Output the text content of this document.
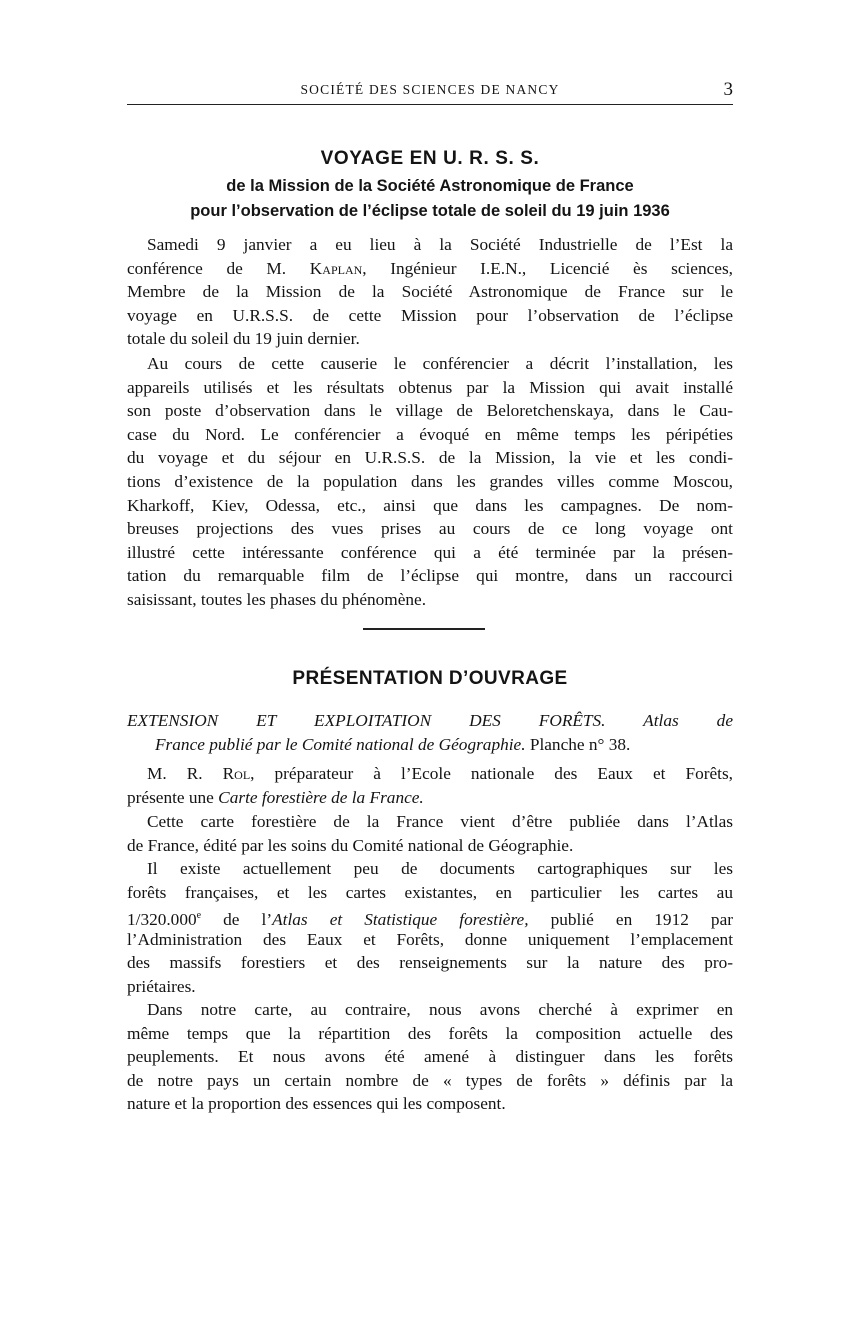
SOCIÉTÉ DES SCIENCES DE NANCY	3
VOYAGE EN U. R. S. S.
de la Mission de la Société Astronomique de France
pour l’observation de l’éclipse totale de soleil du 19 juin 1936
Samedi 9 janvier a eu lieu à la Société Industrielle de l’Est la
conférence de M. Kaplan, Ingénieur I.E.N., Licencié ès sciences,
Membre de la Mission de la Société Astronomique de France sur le
voyage en U.R.S.S. de cette Mission pour l’observation de l’éclipse
totale du soleil du 19 juin dernier.
Au cours de cette causerie le conférencier a décrit l’installation, les
appareils utilisés et les résultats obtenus par la Mission qui avait installé
son poste d’observation dans le village de Beloretchenskaya, dans le Cau-
case du Nord. Le conférencier a évoqué en même temps les péripéties
du voyage et du séjour en U.R.S.S. de la Mission, la vie et les condi-
tions d’existence de la population dans les grandes villes comme Moscou,
Kharkoff, Kiev, Odessa, etc., ainsi que dans les campagnes. De nom-
breuses projections des vues prises au cours de ce long voyage ont
illustré cette intéressante conférence qui a été terminée par la présen-
tation du remarquable film de l’éclipse qui montre, dans un raccourci
saisissant, toutes les phases du phénomène.
PRÉSENTATION D’OUVRAGE
EXTENSION ET EXPLOITATION DES FORÊTS. Atlas de
France publié par le Comité national de Géographie. Planche n° 38.
M. R. Rol, préparateur à l’Ecole nationale des Eaux et Forêts,
présente une Carte forestière de la France.
Cette carte forestière de la France vient d’être publiée dans l’Atlas
de France, édité par les soins du Comité national de Géographie.
Il existe actuellement peu de documents cartographiques sur les
forêts françaises, et les cartes existantes, en particulier les cartes au
1/320.000e de l’Atlas et Statistique forestière, publié en 1912 par
l’Administration des Eaux et Forêts, donne uniquement l’emplacement
des massifs forestiers et des renseignements sur la nature des pro-
priétaires.
Dans notre carte, au contraire, nous avons cherché à exprimer en
même temps que la répartition des forêts la composition actuelle des
peuplements. Et nous avons été amené à distinguer dans les forêts
de notre pays un certain nombre de « types de forêts » définis par la
nature et la proportion des essences qui les composent.
